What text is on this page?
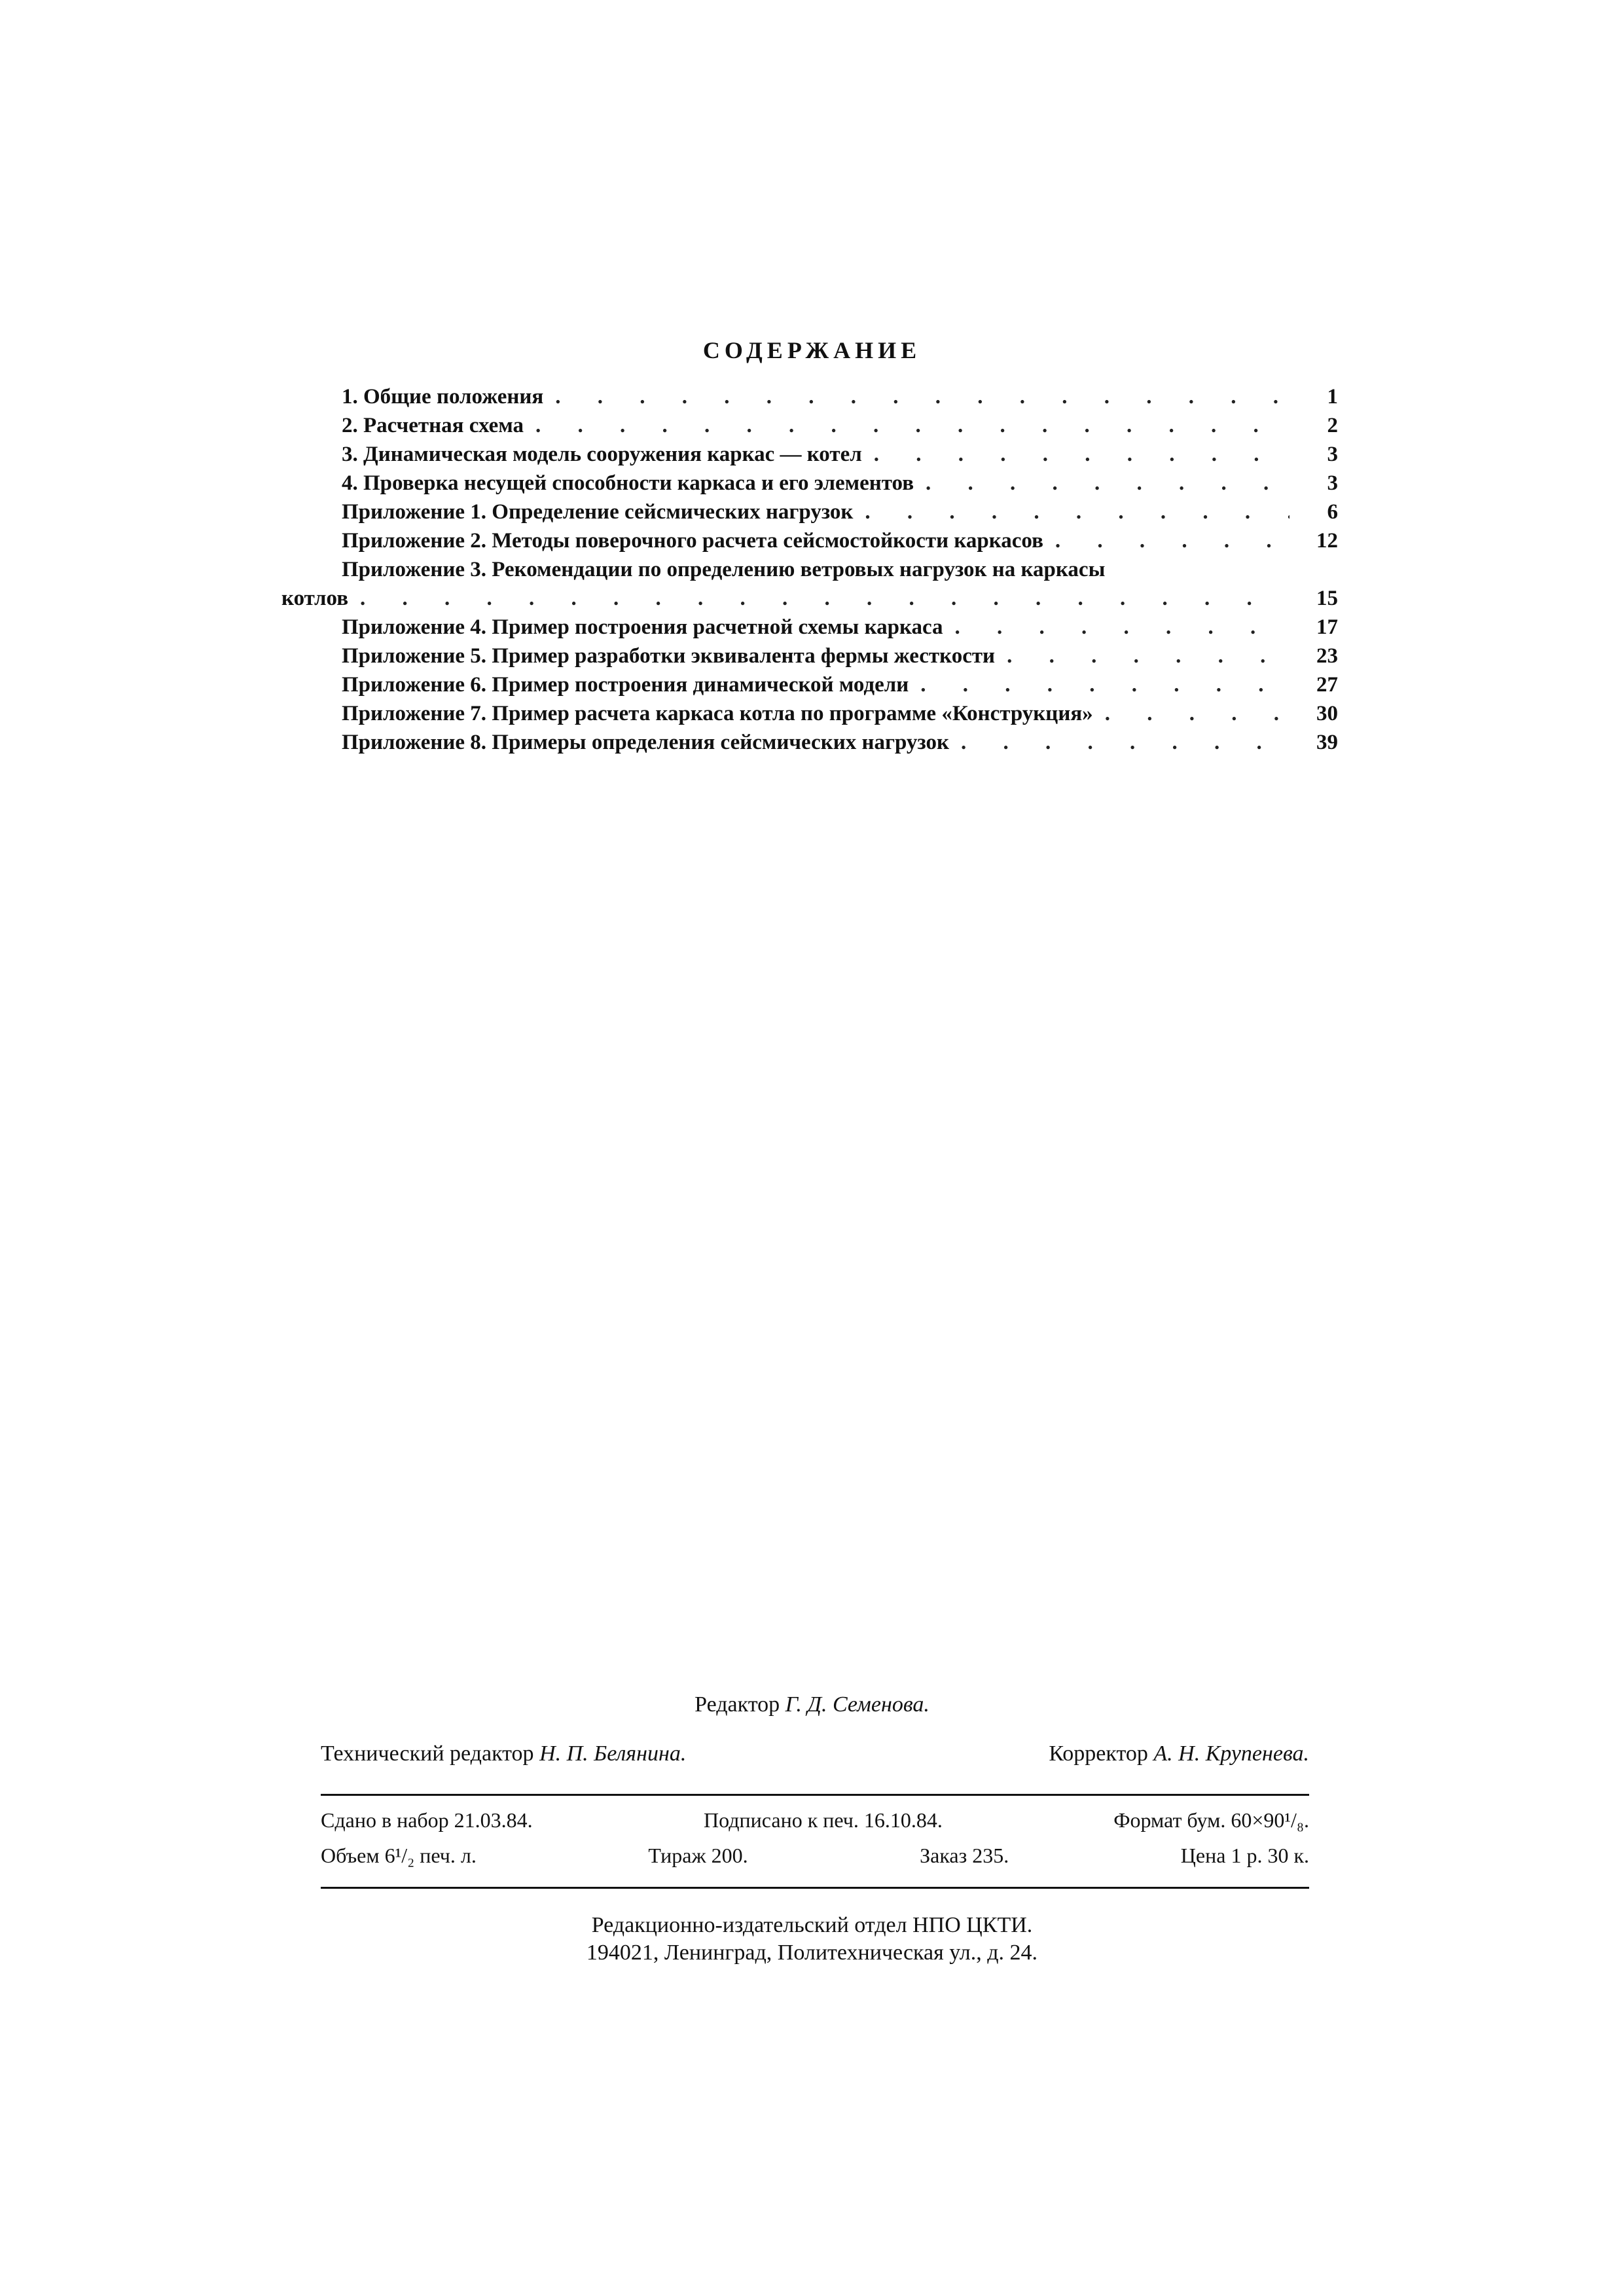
СОДЕРЖАНИЕ
1. Общие положения . . .	1
2. Расчетная схема . . .	2
3. Динамическая модель сооружения каркас — котел . . .	3
4. Проверка несущей способности каркаса и его элементов . . .	3
Приложение 1. Определение сейсмических нагрузок . . .	6
Приложение 2. Методы поверочного расчета сейсмостойкости каркасов . . .	12
Приложение 3. Рекомендации по определению ветровых нагрузок на каркасы
котлов . . .	15
Приложение 4. Пример построения расчетной схемы каркаса . . .	17
Приложение 5. Пример разработки эквивалента фермы жесткости . . .	23
Приложение 6. Пример построения динамической модели . . .	27
Приложение 7. Пример расчета каркаса котла по программе «Конструкция» . . .	30
Приложение 8. Примеры определения сейсмических нагрузок . . .	39
Редактор Г. Д. Семенова.
Технический редактор Н. П. Белянина.	Корректор А. Н. Крупенева.
Сдано в набор 21.03.84.	Подписано к печ. 16.10.84.	Формат бум. 60×90¹/₈.
Объем 6¹/₂ печ. л.	Тираж 200.	Заказ 235.	Цена 1 р. 30 к.
Редакционно-издательский отдел НПО ЦКТИ.
194021, Ленинград, Политехническая ул., д. 24.
